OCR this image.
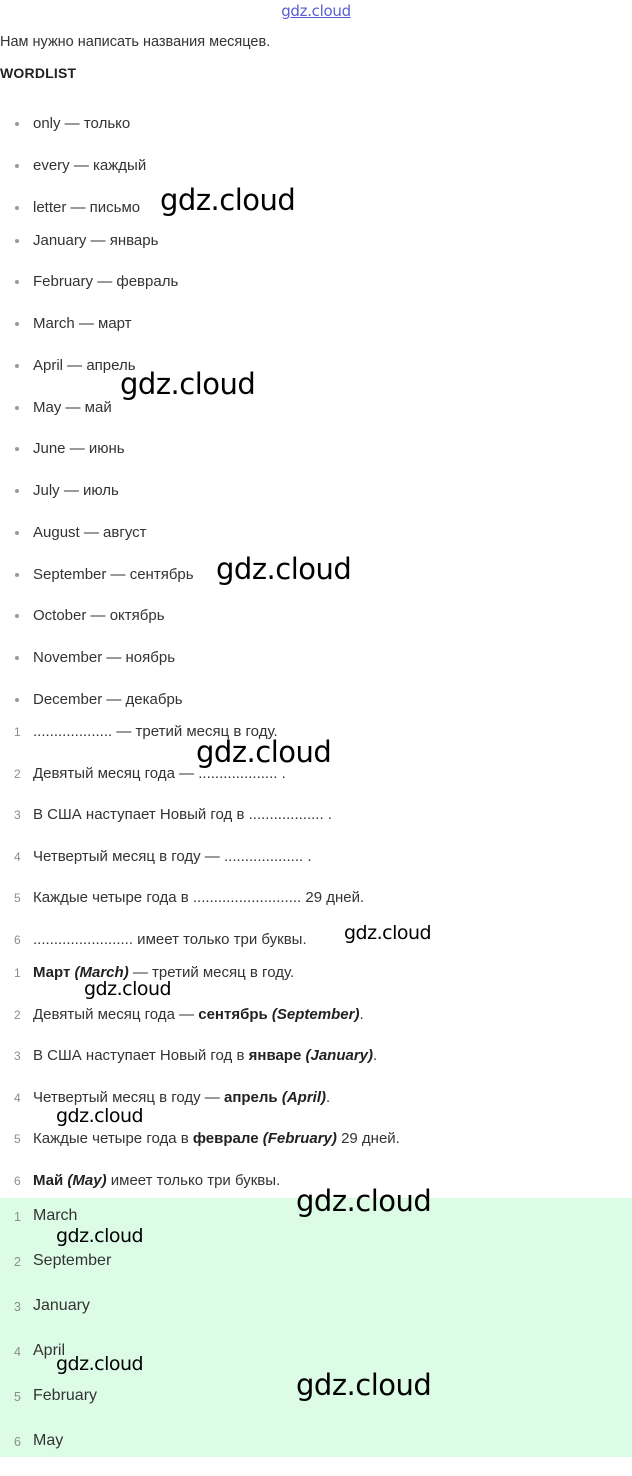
gdz.cloud
Нам нужно написать названия месяцев.
WORDLIST
only — только
every — каждый
letter — письмо
January — январь
February — февраль
March — март
April — апрель
May — май
June — июнь
July — июль
August — август
September — сентябрь
October — октябрь
November — ноябрь
December — декабрь
1 ................... — третий месяц в году.
2 Девятый месяц года — ................... .
3 В США наступает Новый год в .................. .
4 Четвертый месяц в году — ................... .
5 Каждые четыре года в .......................... 29 дней.
6 ........................ имеет только три буквы.
1 Март (March) — третий месяц в году.
2 Девятый месяц года — сентябрь (September).
3 В США наступает Новый год в январе (January).
4 Четвертый месяц в году — апрель (April).
5 Каждые четыре года в феврале (February) 29 дней.
6 Май (May) имеет только три буквы.
1 March
2 September
3 January
4 April
5 February
6 May
gdz.cloud
gdz.cloud
gdz.cloud
gdz.cloud
gdz.cloud
gdz.cloud
gdz.cloud
gdz.cloud
gdz.cloud
gdz.cloud
gdz.cloud
